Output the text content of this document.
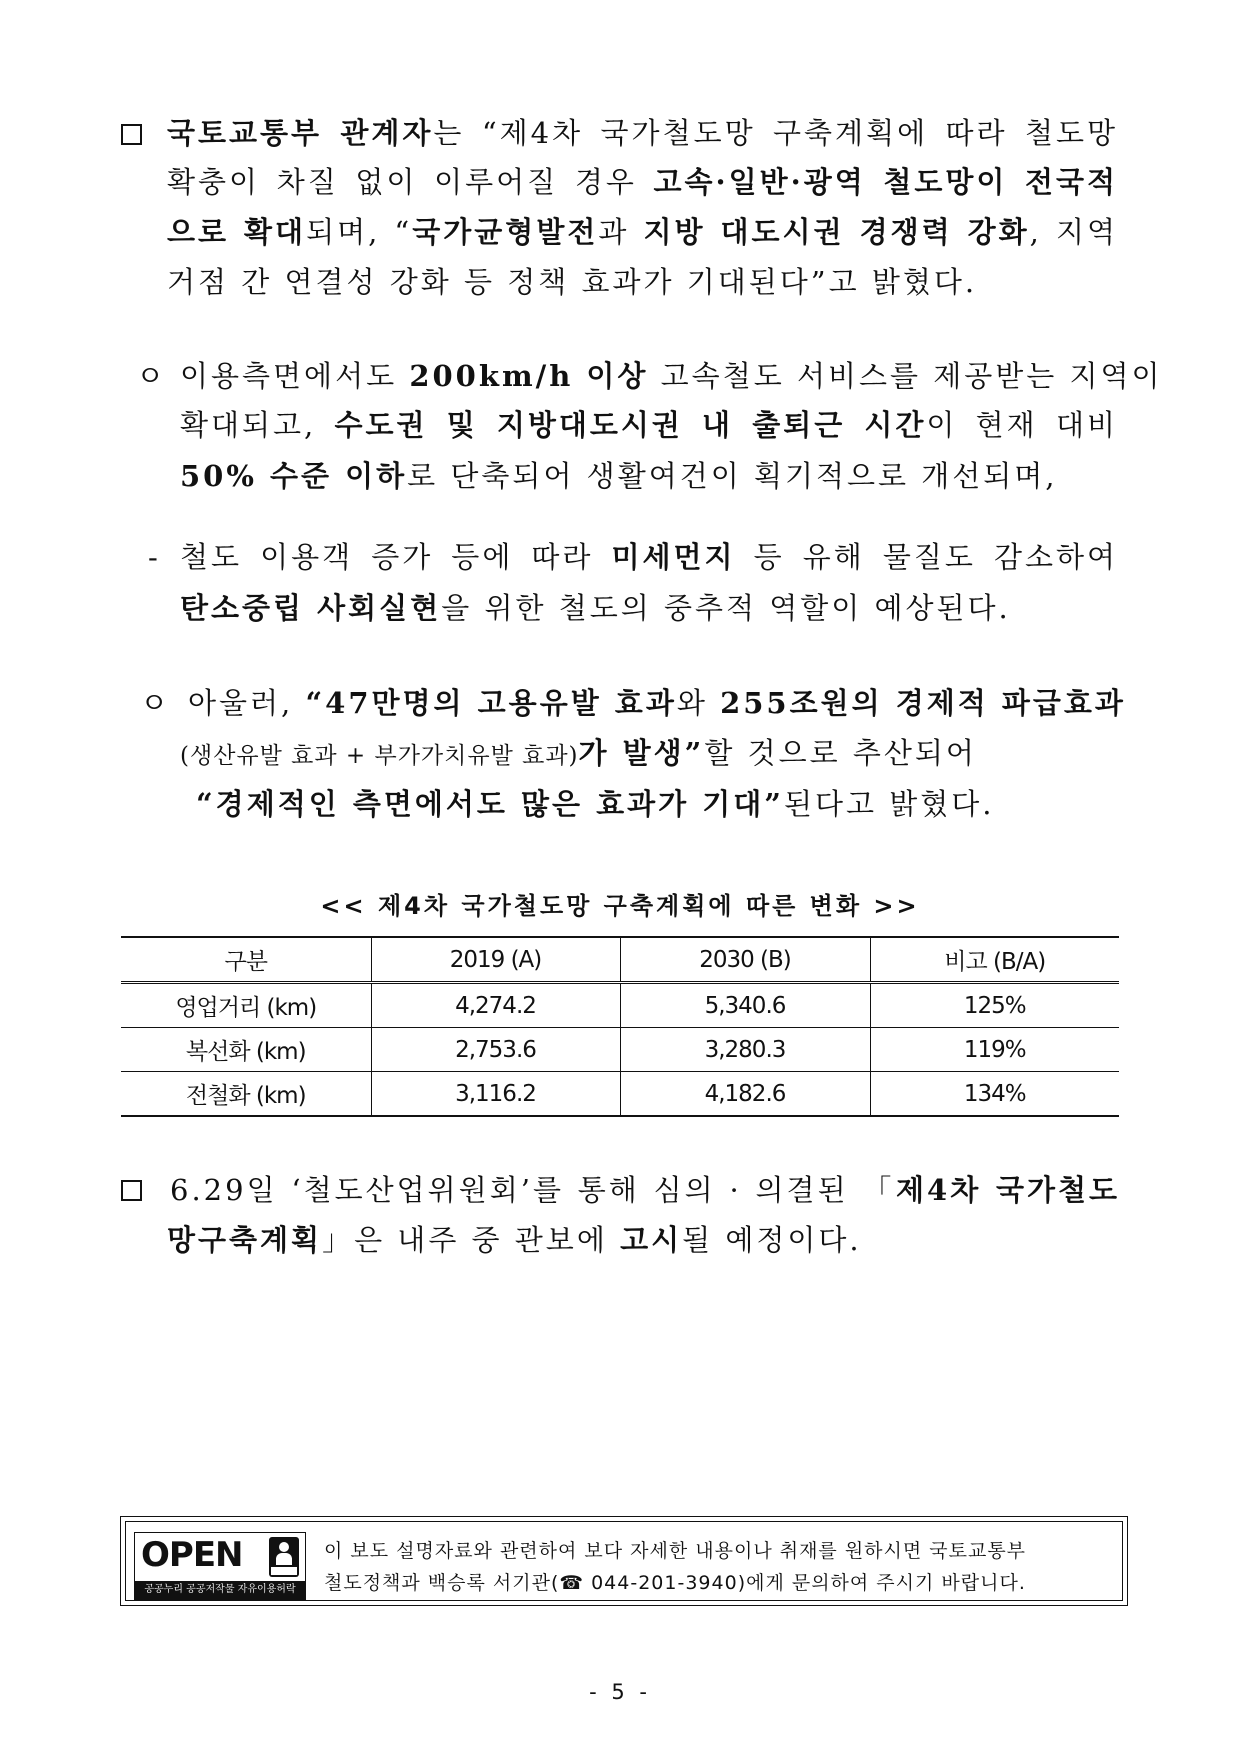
국토교통부 관계자는 “제4차 국가철도망 구축계획에 따라 철도망
확충이 차질 없이 이루어질 경우 고속·일반·광역 철도망이 전국적
으로 확대되며, “국가균형발전과 지방 대도시권 경쟁력 강화, 지역
거점 간 연결성 강화 등 정책 효과가 기대된다”고 밝혔다.
ㅇ 이용측면에서도 200km/h 이상 고속철도 서비스를 제공받는 지역이
확대되고, 수도권 및 지방대도시권 내 출퇴근 시간이 현재 대비
50% 수준 이하로 단축되어 생활여건이 획기적으로 개선되며,
- 철도 이용객 증가 등에 따라 미세먼지 등 유해 물질도 감소하여
탄소중립 사회실현을 위한 철도의 중추적 역할이 예상된다.
ㅇ 아울러, “47만명의 고용유발 효과와 255조원의 경제적 파급효과
(생산유발 효과 + 부가가치유발 효과)가 발생”할 것으로 추산되어
“경제적인 측면에서도 많은 효과가 기대”된다고 밝혔다.
<< 제4차 국가철도망 구축계획에 따른 변화 >>
구분	2019 (A)	2030 (B)	비고 (B/A)
영업거리 (km)	4,274.2	5,340.6	125%
복선화 (km)	2,753.6	3,280.3	119%
전철화 (km)	3,116.2	4,182.6	134%
6.29일 ‘철도산업위원회’를 통해 심의 · 의결된 「제4차 국가철도
망구축계획」은 내주 중 관보에 고시될 예정이다.
OPEN
공공누리 공공저작물 자유이용허락
이 보도 설명자료와 관련하여 보다 자세한 내용이나 취재를 원하시면 국토교통부
철도정책과 백승록 서기관(☎ 044-201-3940)에게 문의하여 주시기 바랍니다.
- 5 -
